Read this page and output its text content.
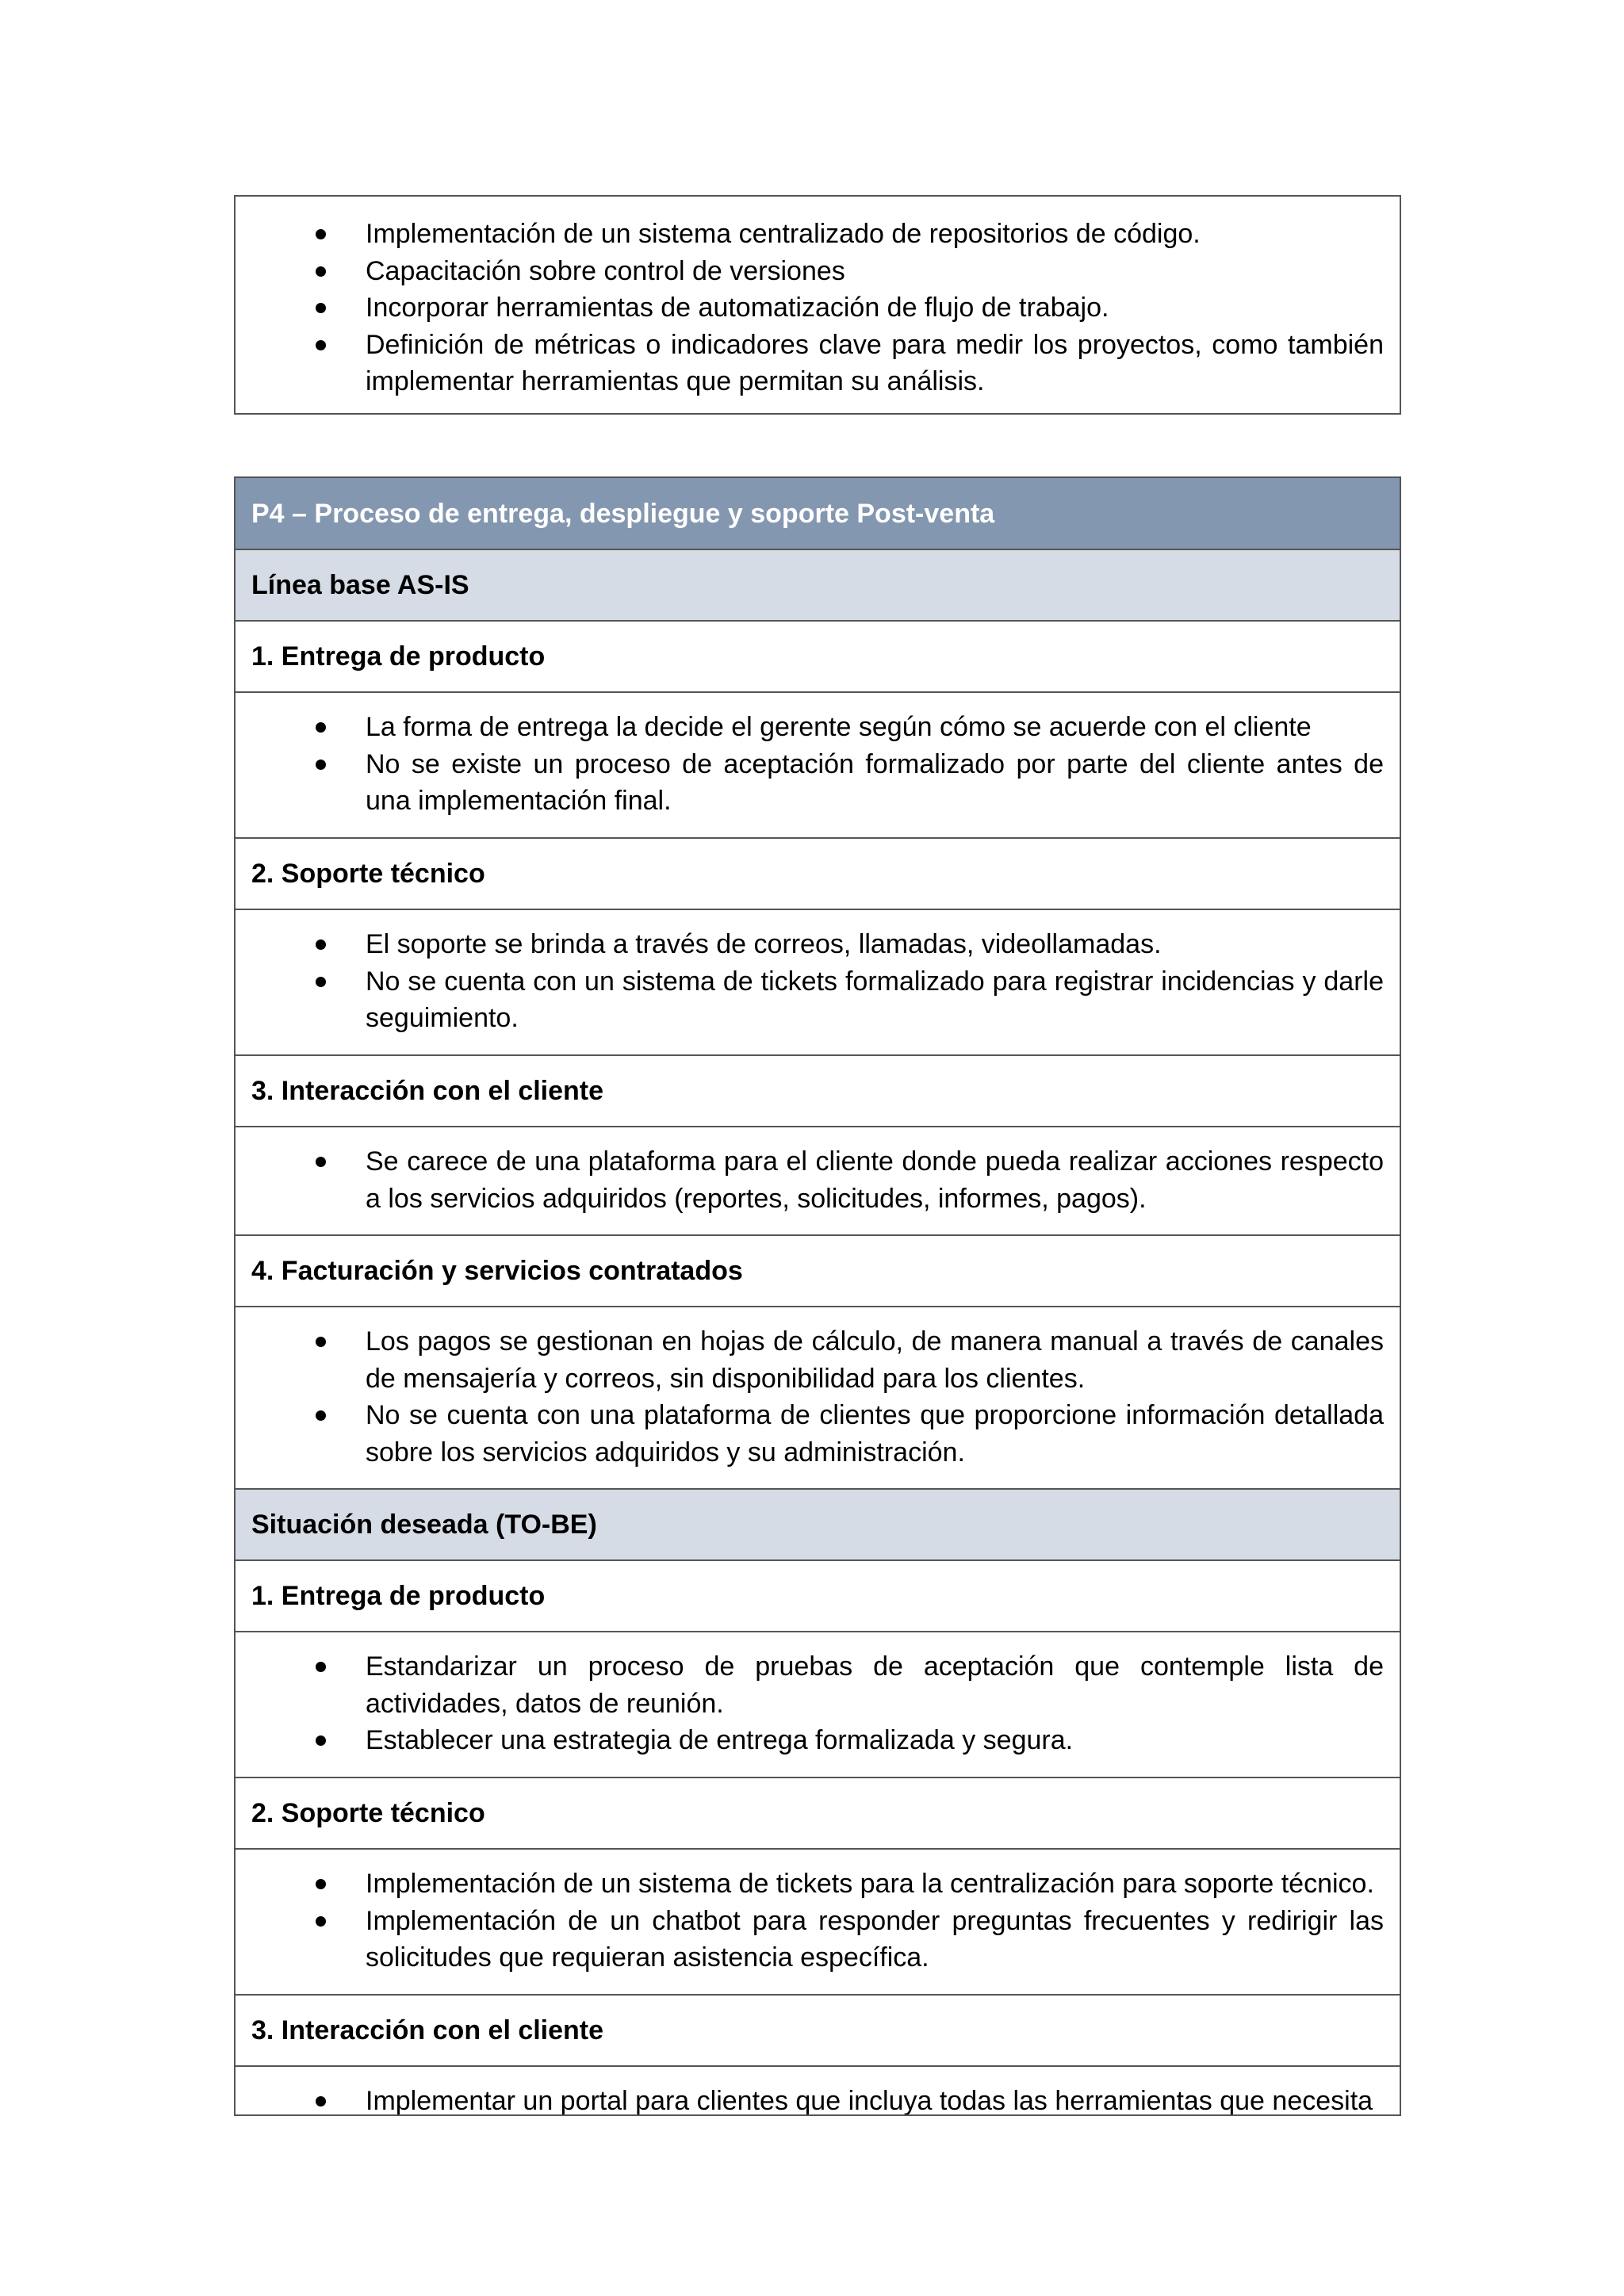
Implementación de un sistema centralizado de repositorios de código.
Capacitación sobre control de versiones
Incorporar herramientas de automatización de flujo de trabajo.
Definición de métricas o indicadores clave para medir los proyectos, como también implementar herramientas que permitan su análisis.
P4 – Proceso de entrega, despliegue y soporte Post-venta
Línea base AS-IS
1. Entrega de producto
La forma de entrega la decide el gerente según cómo se acuerde con el cliente
No se existe un proceso de aceptación formalizado por parte del cliente antes de una implementación final.
2. Soporte técnico
El soporte se brinda a través de correos, llamadas, videollamadas.
No se cuenta con un sistema de tickets formalizado para registrar incidencias y darle seguimiento.
3. Interacción con el cliente
Se carece de una plataforma para el cliente donde pueda realizar acciones respecto a los servicios adquiridos (reportes, solicitudes, informes, pagos).
4. Facturación y servicios contratados
Los pagos se gestionan en hojas de cálculo, de manera manual a través de canales de mensajería y correos, sin disponibilidad para los clientes.
No se cuenta con una plataforma de clientes que proporcione información detallada sobre los servicios adquiridos y su administración.
Situación deseada (TO-BE)
1. Entrega de producto
Estandarizar un proceso de pruebas de aceptación que contemple lista de actividades, datos de reunión.
Establecer una estrategia de entrega formalizada y segura.
2. Soporte técnico
Implementación de un sistema de tickets para la centralización para soporte técnico.
Implementación de un chatbot para responder preguntas frecuentes y redirigir las solicitudes que requieran asistencia específica.
3. Interacción con el cliente
Implementar un portal para clientes que incluya todas las herramientas que necesita
